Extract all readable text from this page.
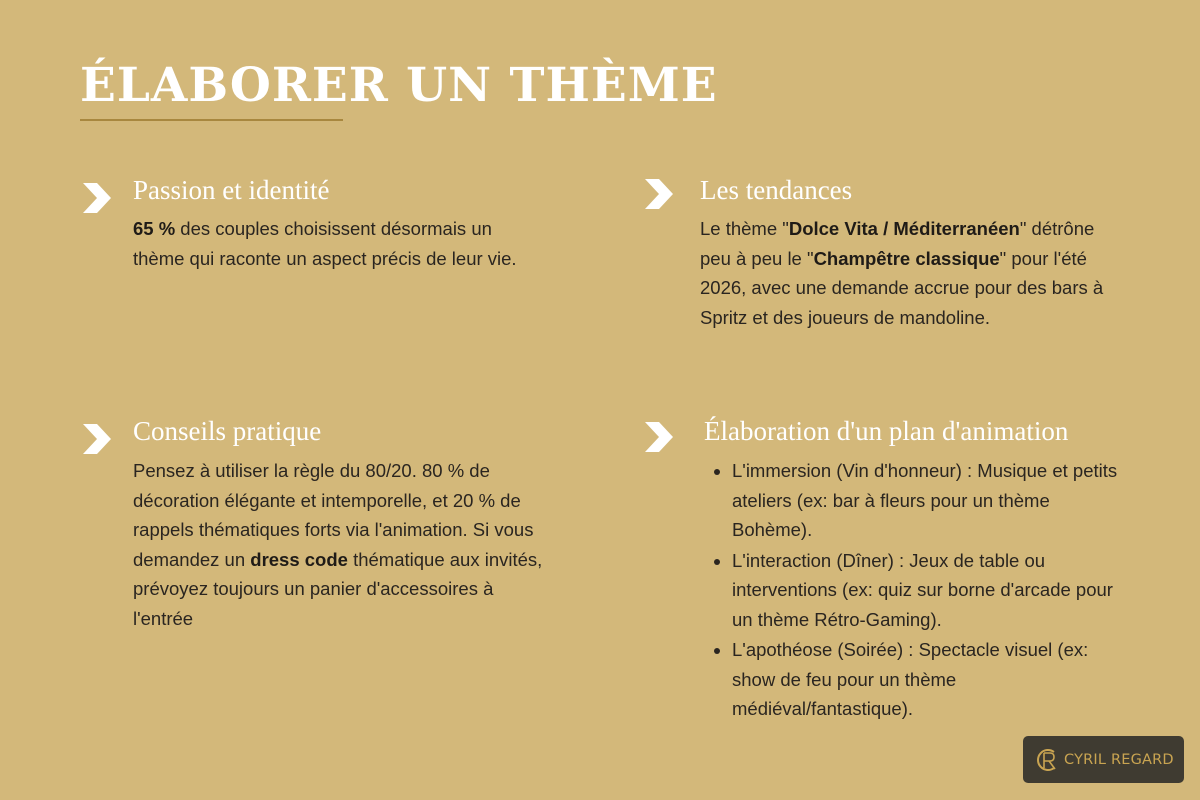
ÉLABORER UN THÈME
Passion et identité
65 % des couples choisissent désormais un thème qui raconte un aspect précis de leur vie.
Les tendances
Le thème "Dolce Vita / Méditerranéen" détrône peu à peu le "Champêtre classique" pour l'été 2026, avec une demande accrue pour des bars à Spritz et des joueurs de mandoline.
Conseils pratique
Pensez à utiliser la règle du 80/20. 80 % de décoration élégante et intemporelle, et 20 % de rappels thématiques forts via l'animation. Si vous demandez un dress code thématique aux invités, prévoyez toujours un panier d'accessoires à l'entrée
Élaboration d'un plan d'animation
• L'immersion (Vin d'honneur) : Musique et petits ateliers (ex: bar à fleurs pour un thème Bohème).
• L'interaction (Dîner) : Jeux de table ou interventions (ex: quiz sur borne d'arcade pour un thème Rétro-Gaming).
• L'apothéose (Soirée) : Spectacle visuel (ex: show de feu pour un thème médiéval/fantastique).
CYRIL REGARD
